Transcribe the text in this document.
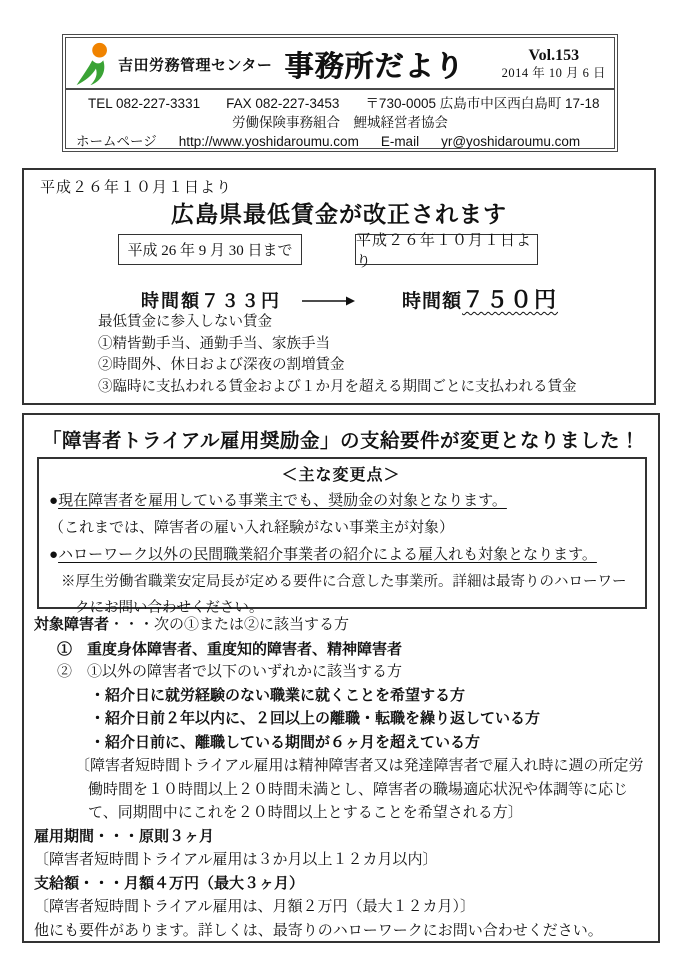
吉田労務管理センター 事務所だより	Vol.153
2014 年 10 月 6 日
TEL 082-227-3331 FAX 082-227-3453 〒730-0005 広島市中区西白島町 17-18
労働保険事務組合　鯉城経営者協会
ホームページ http://www.yoshidaroumu.com E-mail yr@yoshidaroumu.com
平成２６年１０月１日より
広島県最低賃金が改正されます
平成 26 年 9 月 30 日まで
平成２６年１０月１日より
時間額７３３円	時間額７５０円
最低賃金に参入しない賃金
①精皆勤手当、通勤手当、家族手当
②時間外、休日および深夜の割増賃金
③臨時に支払われる賃金および１か月を超える期間ごとに支払われる賃金
「障害者トライアル雇用奨励金」の支給要件が変更となりました！
＜主な変更点＞
●現在障害者を雇用している事業主でも、奨励金の対象となります。
（これまでは、障害者の雇い入れ経験がない事業主が対象）
●ハローワーク以外の民間職業紹介事業者の紹介による雇入れも対象となります。
※厚生労働省職業安定局長が定める要件に合意した事業所。詳細は最寄りのハローワークにお問い合わせください。
対象障害者・・・次の①または②に該当する方
①　重度身体障害者、重度知的障害者、精神障害者
②　①以外の障害者で以下のいずれかに該当する方
・紹介日に就労経験のない職業に就くことを希望する方
・紹介日前２年以内に、２回以上の離職・転職を繰り返している方
・紹介日前に、離職している期間が６ヶ月を超えている方
〔障害者短時間トライアル雇用は精神障害者又は発達障害者で雇入れ時に週の所定労働時間を１０時間以上２０時間未満とし、障害者の職場適応状況や体調等に応じて、同期間中にこれを２０時間以上とすることを希望される方〕
雇用期間・・・原則３ヶ月
〔障害者短時間トライアル雇用は３か月以上１２カ月以内〕
支給額・・・月額４万円（最大３ヶ月）
〔障害者短時間トライアル雇用は、月額２万円（最大１２カ月）〕
他にも要件があります。詳しくは、最寄りのハローワークにお問い合わせください。
